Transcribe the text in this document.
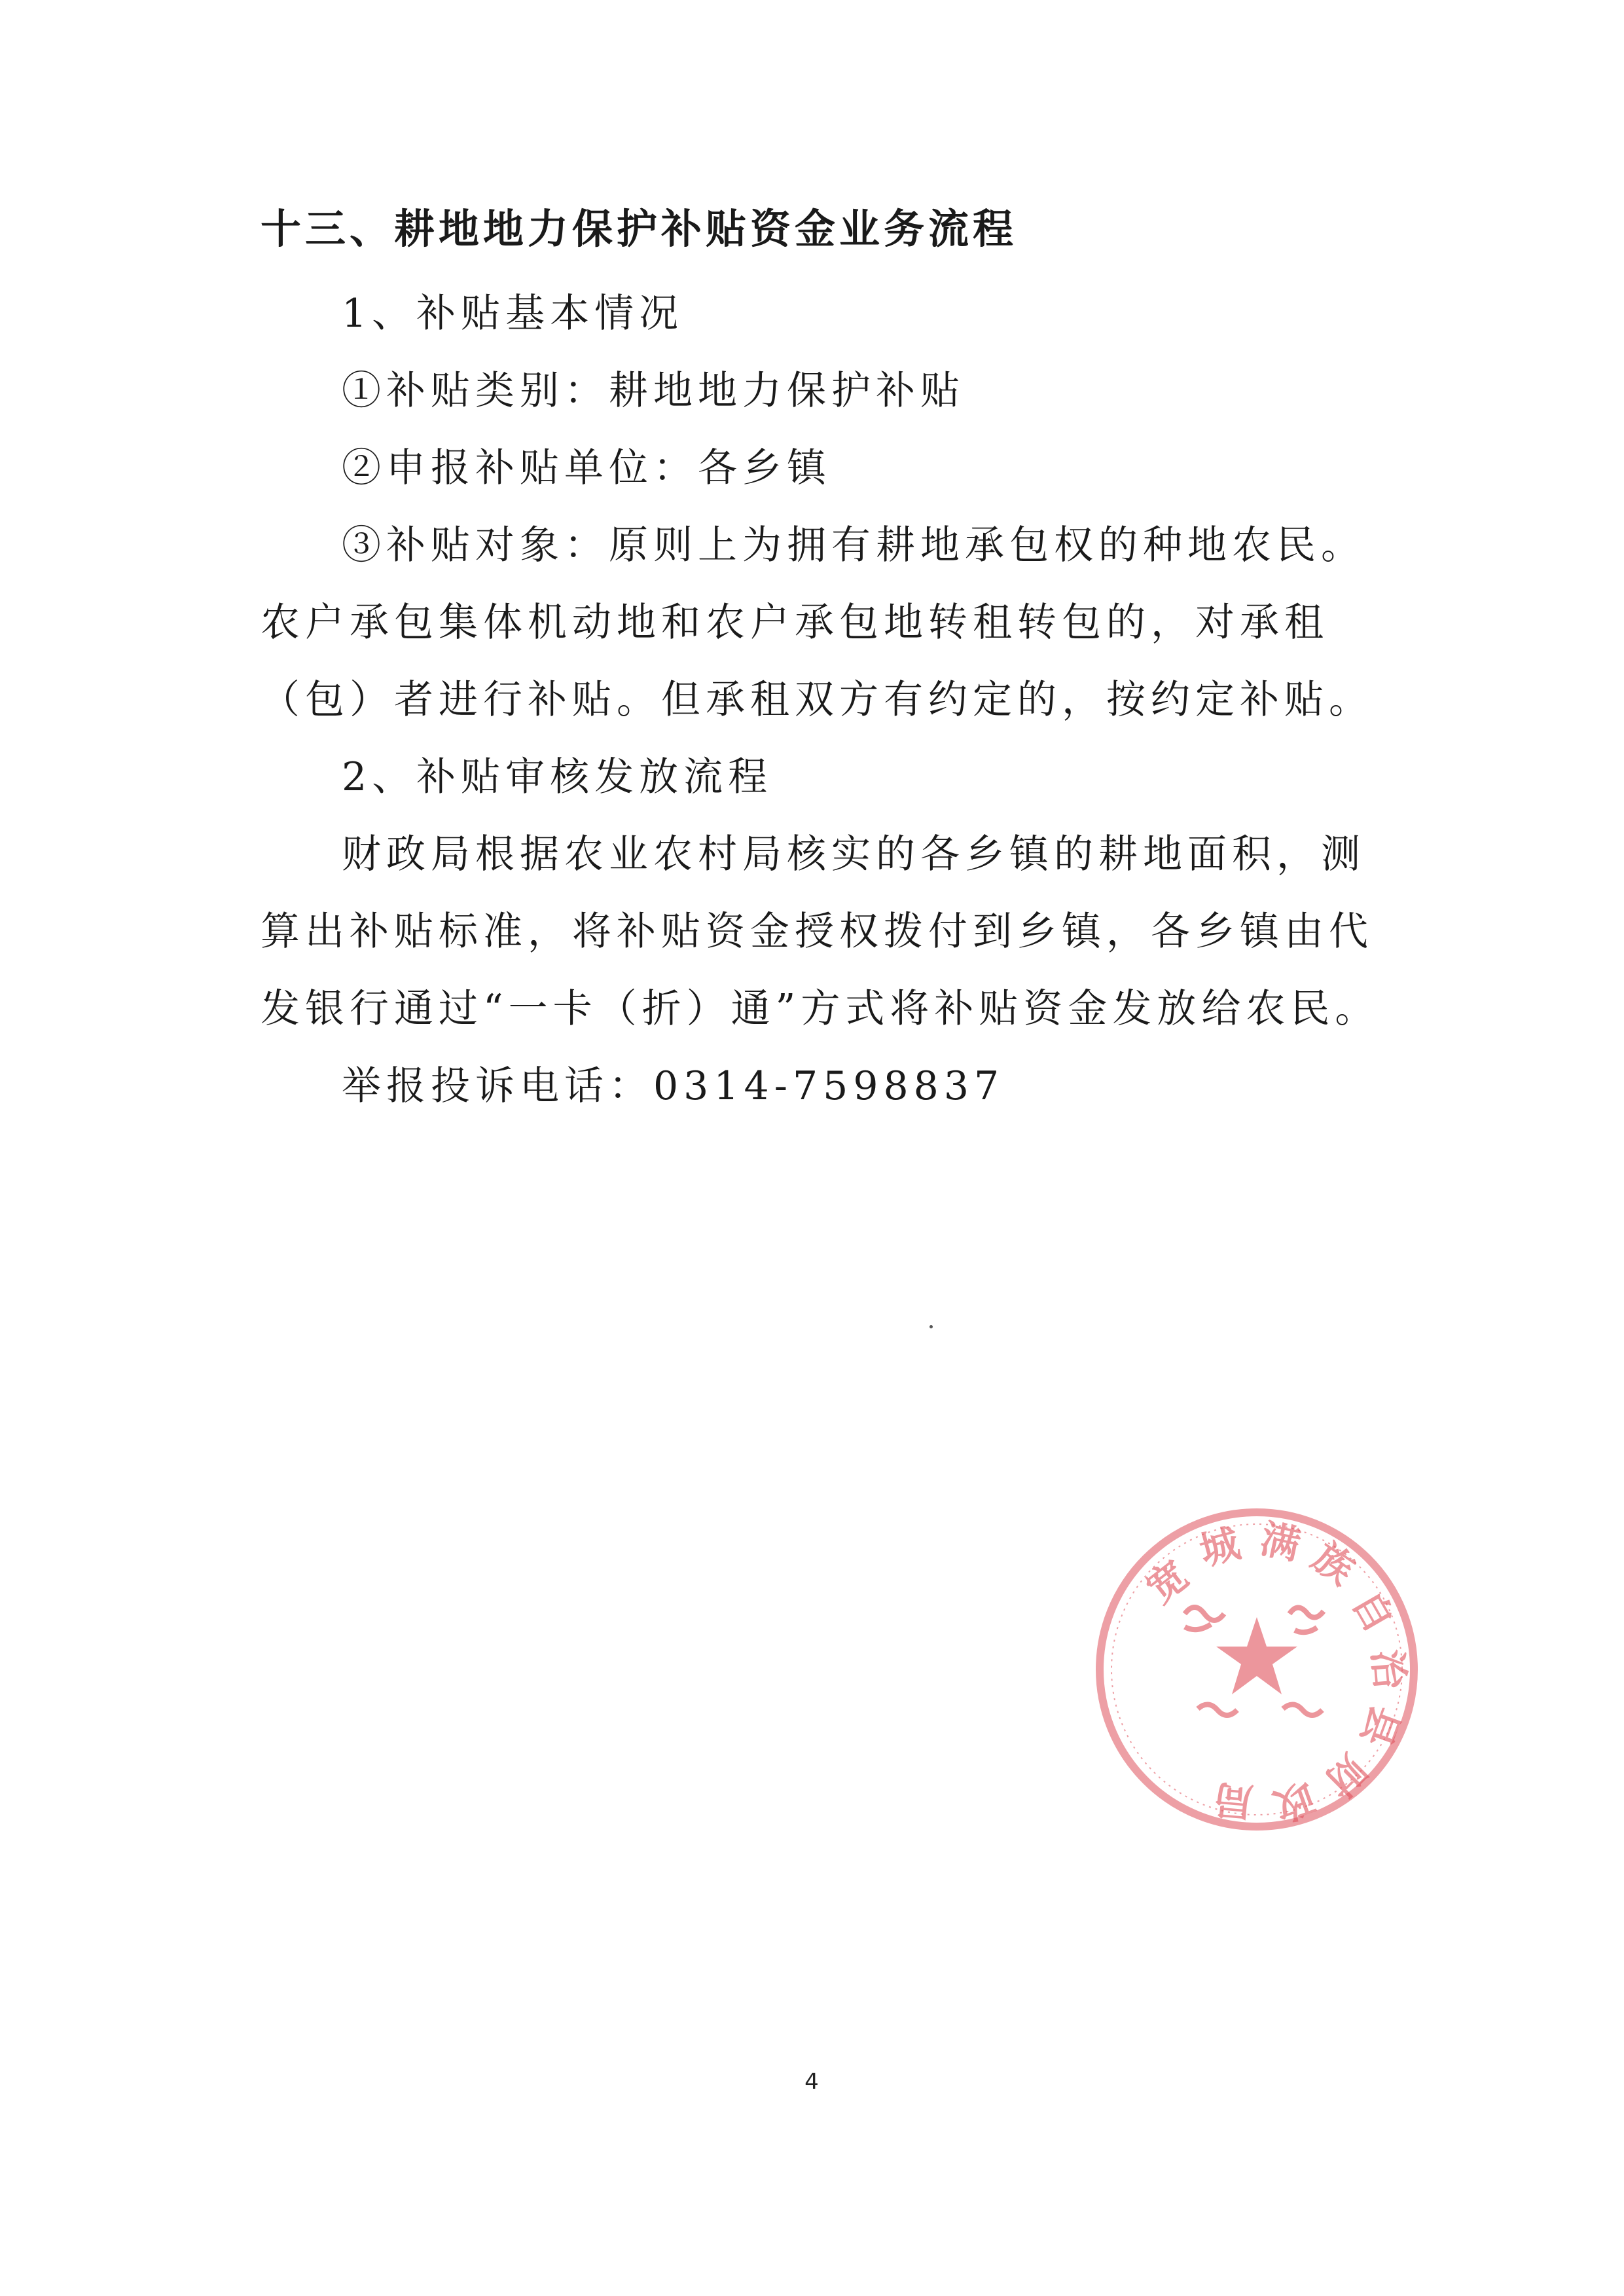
十三、耕地地力保护补贴资金业务流程

1、补贴基本情况

①补贴类别：耕地地力保护补贴

②申报补贴单位：各乡镇

③补贴对象：原则上为拥有耕地承包权的种地农民。农户承包集体机动地和农户承包地转租转包的，对承租（包）者进行补贴。但承租双方有约定的，按约定补贴。

2、补贴审核发放流程

财政局根据农业农村局核实的各乡镇的耕地面积，测算出补贴标准，将补贴资金授权拨付到乡镇，各乡镇由代发银行通过“一卡（折）通”方式将补贴资金发放给农民。

举报投诉电话：0314-7598837

宽
城 满 族
自
治
县
财
政
局
4
